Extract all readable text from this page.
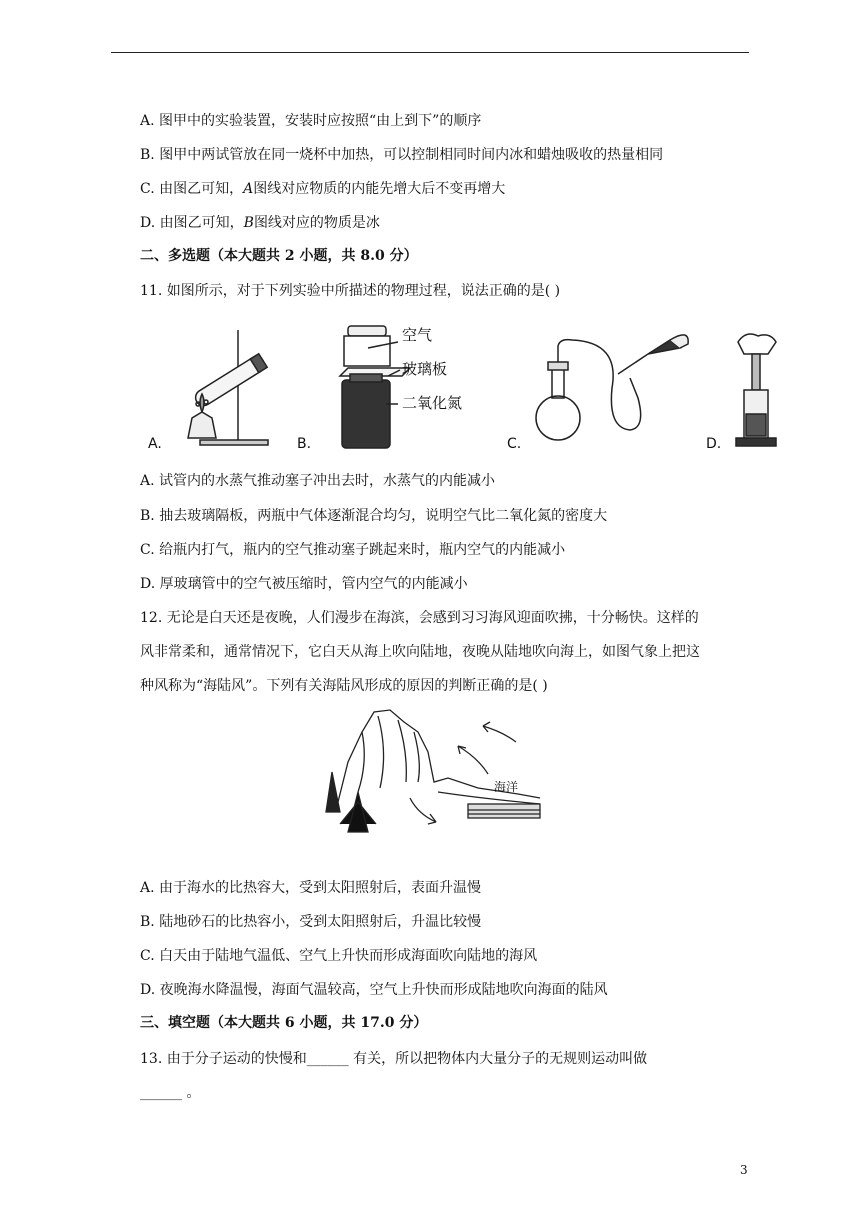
A. 图甲中的实验装置，安装时应按照“由上到下”的顺序
B. 图甲中两试管放在同一烧杯中加热，可以控制相同时间内冰和蜡烛吸收的热量相同
C. 由图乙可知，A图线对应物质的内能先增大后不变再增大
D. 由图乙可知，B图线对应的物质是冰
二、多选题（本大题共 2 小题，共 8.0 分）
11. 如图所示，对于下列实验中所描述的物理过程，说法正确的是( )
A.	B.	C.	D.
空气
玻璃板
二氧化氮
A. 试管内的水蒸气推动塞子冲出去时，水蒸气的内能减小
B. 抽去玻璃隔板，两瓶中气体逐渐混合均匀，说明空气比二氧化氮的密度大
C. 给瓶内打气，瓶内的空气推动塞子跳起来时，瓶内空气的内能减小
D. 厚玻璃管中的空气被压缩时，管内空气的内能减小
12. 无论是白天还是夜晚，人们漫步在海滨，会感到习习海风迎面吹拂，十分畅快。这样的
风非常柔和，通常情况下，它白天从海上吹向陆地，夜晚从陆地吹向海上，如图气象上把这
种风称为“海陆风”。下列有关海陆风形成的原因的判断正确的是( )
海洋
A. 由于海水的比热容大，受到太阳照射后，表面升温慢
B. 陆地砂石的比热容小，受到太阳照射后，升温比较慢
C. 白天由于陆地气温低、空气上升快而形成海面吹向陆地的海风
D. 夜晚海水降温慢，海面气温较高，空气上升快而形成陆地吹向海面的陆风
三、填空题（本大题共 6 小题，共 17.0 分）
13. 由于分子运动的快慢和______ 有关，所以把物体内大量分子的无规则运动叫做
______ 。
3
